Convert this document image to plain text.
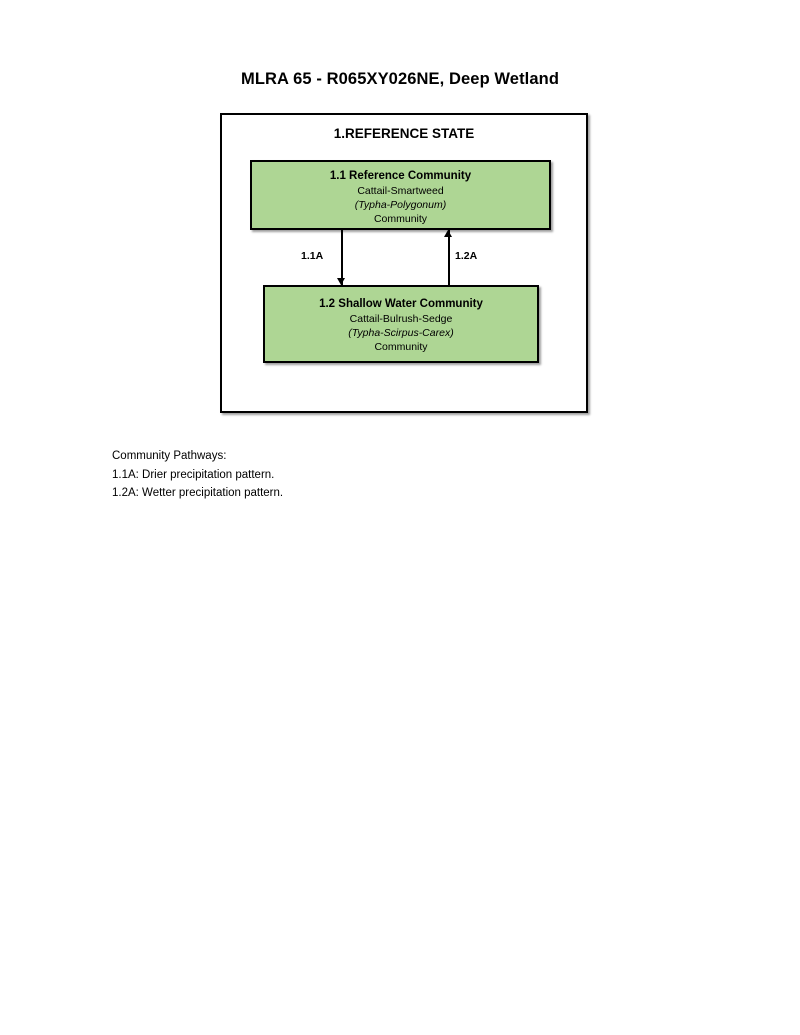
MLRA 65 - R065XY026NE, Deep Wetland
1.REFERENCE STATE
1.1 Reference Community
Cattail-Smartweed
(Typha-Polygonum)
Community
1.1A	1.2A
1.2 Shallow Water Community
Cattail-Bulrush-Sedge
(Typha-Scirpus-Carex)
Community
Community Pathways:
1.1A: Drier precipitation pattern.
1.2A: Wetter precipitation pattern.
